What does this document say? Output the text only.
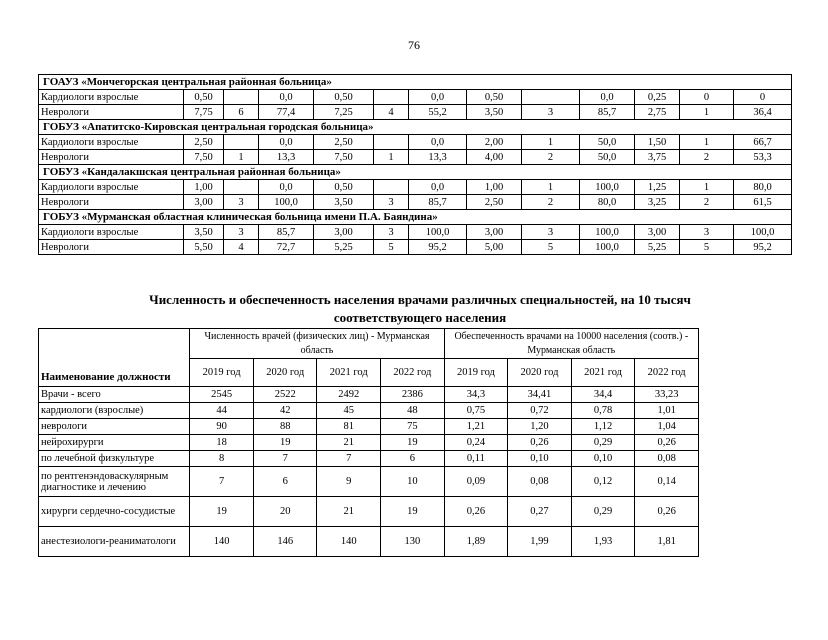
76
ГОАУЗ «Мончегорская центральная районная больница»												
Кардиологи взрослые	0,50		0,0	0,50		0,0	0,50		0,0	0,25	0	0
Неврологи	7,75	6	77,4	7,25	4	55,2	3,50	3	85,7	2,75	1	36,4
ГОБУЗ «Апатитско-Кировская центральная городская больница»												
Кардиологи взрослые	2,50		0,0	2,50		0,0	2,00	1	50,0	1,50	1	66,7
Неврологи	7,50	1	13,3	7,50	1	13,3	4,00	2	50,0	3,75	2	53,3
ГОБУЗ «Кандалакшская центральная районная больница»												
Кардиологи взрослые	1,00		0,0	0,50		0,0	1,00	1	100,0	1,25	1	80,0
Неврологи	3,00	3	100,0	3,50	3	85,7	2,50	2	80,0	3,25	2	61,5
ГОБУЗ «Мурманская областная клиническая больница имени П.А. Баяндина»												
Кардиологи взрослые	3,50	3	85,7	3,00	3	100,0	3,00	3	100,0	3,00	3	100,0
Неврологи	5,50	4	72,7	5,25	5	95,2	5,00	5	100,0	5,25	5	95,2
Численность и обеспеченность населения врачами различных специальностей, на 10 тысяч
соответствующего населения
Наименование должности	Численность врачей (физических лиц) - Мурманская область				Обеспеченность врачами на 10000 населения (соотв.) - Мурманская область			
	2019 год	2020 год	2021 год	2022 год	2019 год	2020 год	2021 год	2022 год
Врачи - всего	2545	2522	2492	2386	34,3	34,41	34,4	33,23
кардиологи (взрослые)	44	42	45	48	0,75	0,72	0,78	1,01
неврологи	90	88	81	75	1,21	1,20	1,12	1,04
нейрохирурги	18	19	21	19	0,24	0,26	0,29	0,26
по лечебной физкультуре	8	7	7	6	0,11	0,10	0,10	0,08
по рентгенэндоваскулярным диагностике и лечению	7	6	9	10	0,09	0,08	0,12	0,14
хирурги сердечно-сосудистые	19	20	21	19	0,26	0,27	0,29	0,26
анестезиологи-реаниматологи	140	146	140	130	1,89	1,99	1,93	1,81
